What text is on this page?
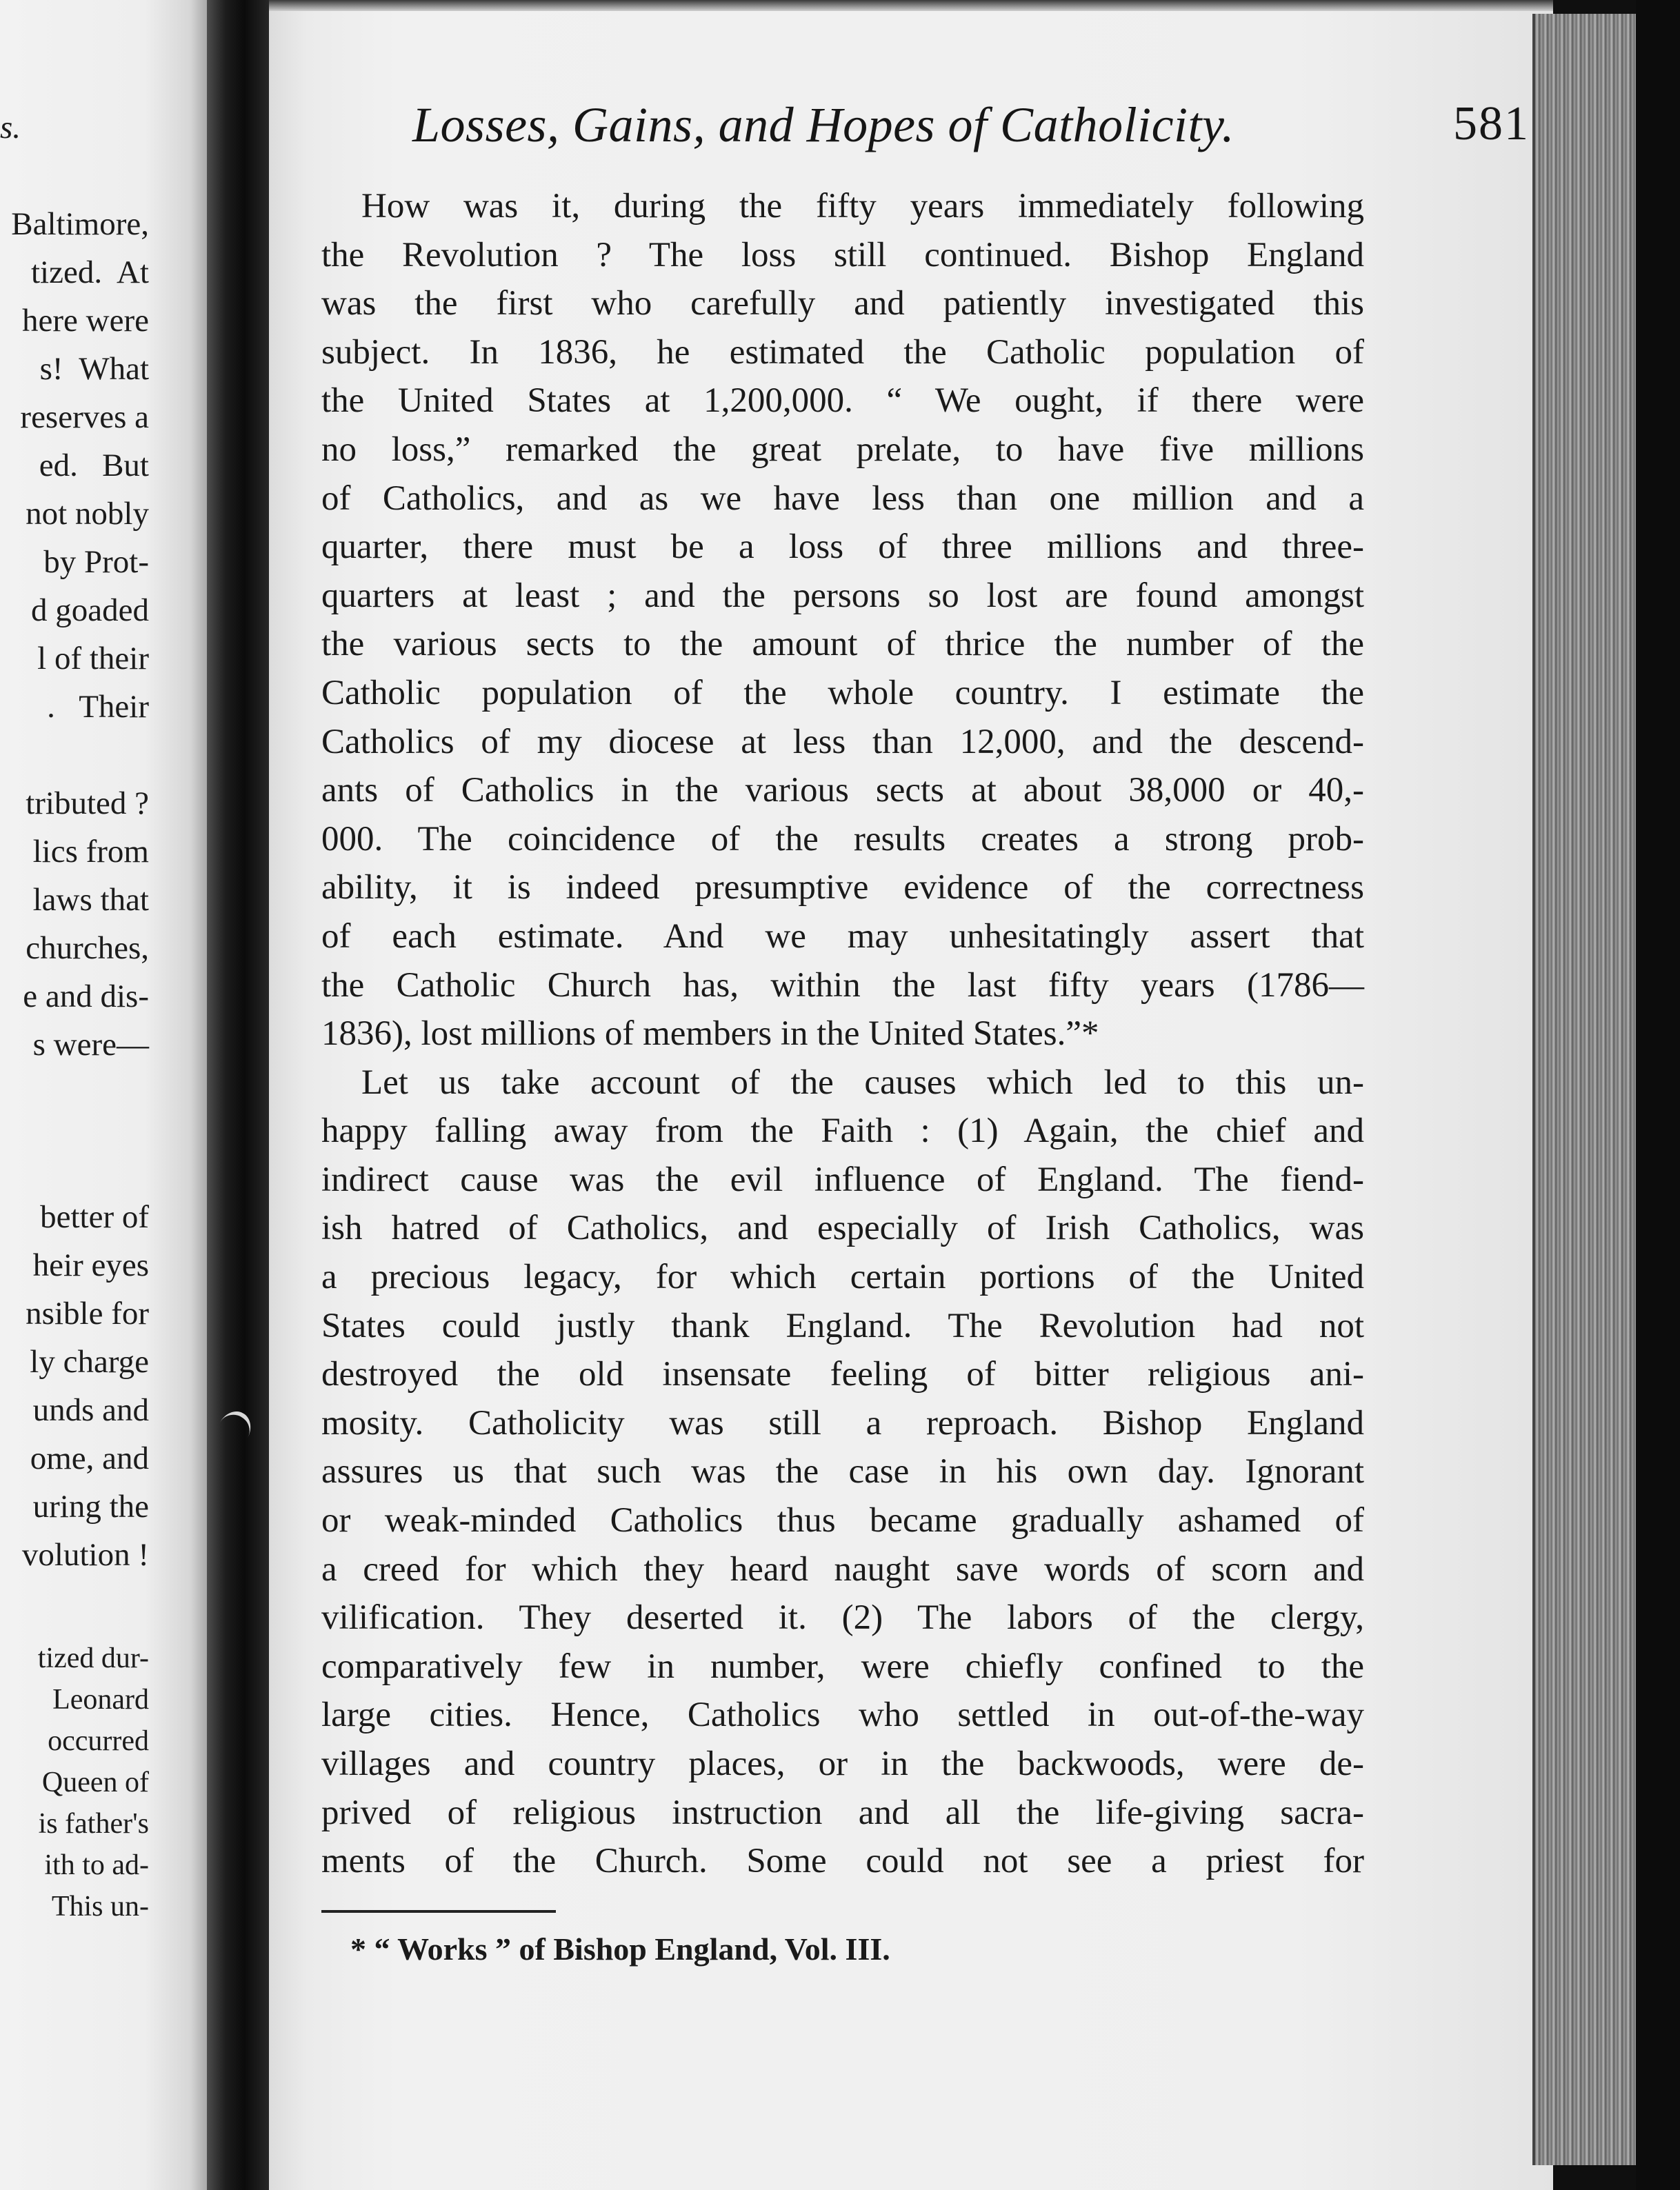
s.
Baltimore,
tized.  At
here were
s!  What
reserves a
ed.   But
not nobly
by Prot-
d goaded
l of their
.   Their
tributed ?
lics from
laws that
churches,
e and dis-
s were—
better of
heir eyes
nsible for
ly charge
unds and
ome, and
uring the
volution !
tized dur-
Leonard
occurred
Queen of
is father's
ith to ad-
This un-
Losses, Gains, and Hopes of Catholicity.	581
How was it, during the fifty years immediately following
the Revolution ? The loss still continued. Bishop England
was the first who carefully and patiently investigated this
subject. In 1836, he estimated the Catholic population of
the United States at 1,200,000. “ We ought, if there were
no loss,” remarked the great prelate, to have five millions
of Catholics, and as we have less than one million and a
quarter, there must be a loss of three millions and three-
quarters at least ; and the persons so lost are found amongst
the various sects to the amount of thrice the number of the
Catholic population of the whole country. I estimate the
Catholics of my diocese at less than 12,000, and the descend-
ants of Catholics in the various sects at about 38,000 or 40,-
000. The coincidence of the results creates a strong prob-
ability, it is indeed presumptive evidence of the correctness
of each estimate. And we may unhesitatingly assert that
the Catholic Church has, within the last fifty years (1786—
1836), lost millions of members in the United States.”*
Let us take account of the causes which led to this un-
happy falling away from the Faith : (1) Again, the chief and
indirect cause was the evil influence of England. The fiend-
ish hatred of Catholics, and especially of Irish Catholics, was
a precious legacy, for which certain portions of the United
States could justly thank England. The Revolution had not
destroyed the old insensate feeling of bitter religious ani-
mosity. Catholicity was still a reproach. Bishop England
assures us that such was the case in his own day. Ignorant
or weak-minded Catholics thus became gradually ashamed of
a creed for which they heard naught save words of scorn and
vilification. They deserted it. (2) The labors of the clergy,
comparatively few in number, were chiefly confined to the
large cities. Hence, Catholics who settled in out-of-the-way
villages and country places, or in the backwoods, were de-
prived of religious instruction and all the life-giving sacra-
ments of the Church. Some could not see a priest for
* “ Works ” of Bishop England, Vol. III.
